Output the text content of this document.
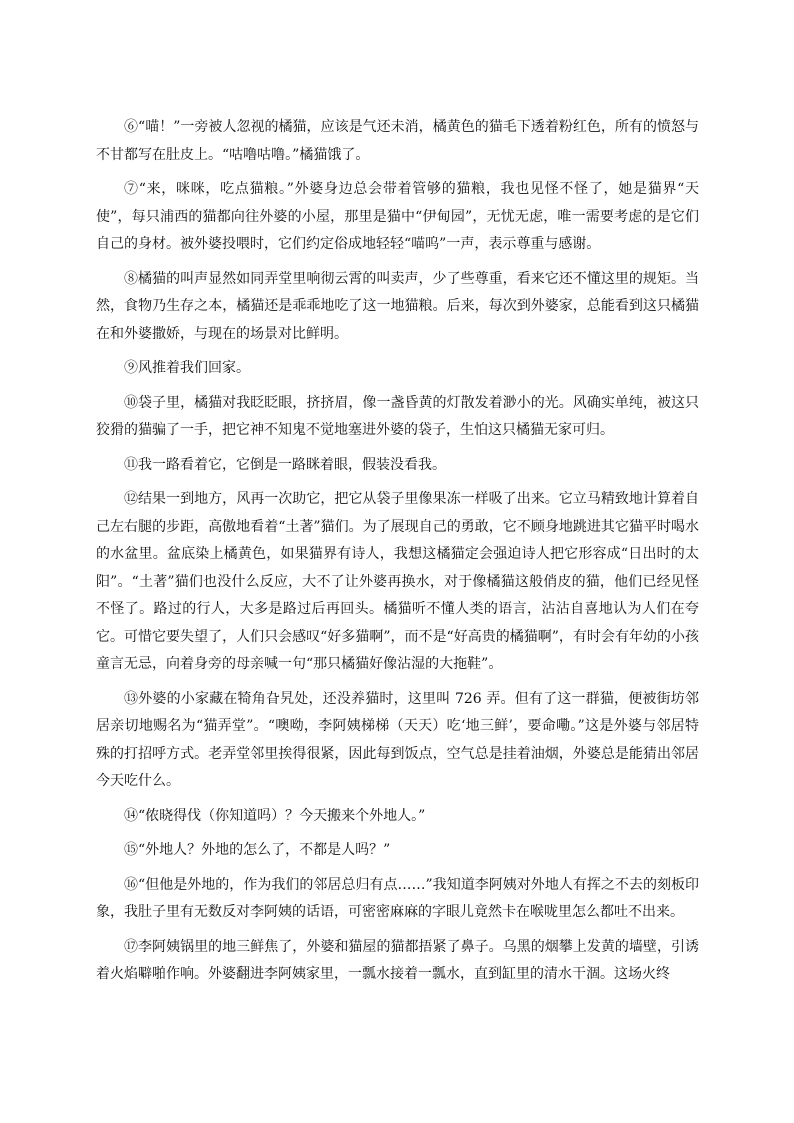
⑥“喵！”一旁被人忽视的橘猫，应该是气还未消，橘黄色的猫毛下透着粉红色，所有的愤怒与不甘都写在肚皮上。“咕噜咕噜。”橘猫饿了。

⑦“来，咪咪，吃点猫粮。”外婆身边总会带着管够的猫粮，我也见怪不怪了，她是猫界“天使”，每只浦西的猫都向往外婆的小屋，那里是猫中“伊甸园”，无忧无虑，唯一需要考虑的是它们自己的身材。被外婆投喂时，它们约定俗成地轻轻“喵呜”一声，表示尊重与感谢。

⑧橘猫的叫声显然如同弄堂里响彻云霄的叫卖声，少了些尊重，看来它还不懂这里的规矩。当然，食物乃生存之本，橘猫还是乖乖地吃了这一地猫粮。后来，每次到外婆家，总能看到这只橘猫在和外婆撒娇，与现在的场景对比鲜明。

⑨风推着我们回家。

⑩袋子里，橘猫对我眨眨眼，挤挤眉，像一盏昏黄的灯散发着渺小的光。风确实单纯，被这只狡猾的猫骗了一手，把它神不知鬼不觉地塞进外婆的袋子，生怕这只橘猫无家可归。

⑪我一路看着它，它倒是一路眯着眼，假装没看我。

⑫结果一到地方，风再一次助它，把它从袋子里像果冻一样吸了出来。它立马精致地计算着自己左右腿的步距，高傲地看着“土著”猫们。为了展现自己的勇敢，它不顾身地跳进其它猫平时喝水的水盆里。盆底染上橘黄色，如果猫界有诗人，我想这橘猫定会强迫诗人把它形容成“日出时的太阳”。“土著”猫们也没什么反应，大不了让外婆再换水，对于像橘猫这般俏皮的猫，他们已经见怪不怪了。路过的行人，大多是路过后再回头。橘猫听不懂人类的语言，沾沾自喜地认为人们在夸它。可惜它要失望了，人们只会感叹“好多猫啊”，而不是“好高贵的橘猫啊”，有时会有年幼的小孩童言无忌，向着身旁的母亲喊一句“那只橘猫好像沾湿的大拖鞋”。

⑬外婆的小家藏在犄角旮旯处，还没养猫时，这里叫 726 弄。但有了这一群猫，便被街坊邻居亲切地赐名为“猫弄堂”。“噢呦，李阿姨梯梯（天天）吃‘地三鲜’，要命嘞。”这是外婆与邻居特殊的打招呼方式。老弄堂邻里挨得很紧，因此每到饭点，空气总是挂着油烟，外婆总是能猜出邻居今天吃什么。

⑭“侬晓得伐（你知道吗）？今天搬来个外地人。”

⑮“外地人？外地的怎么了，不都是人吗？”

⑯“但他是外地的，作为我们的邻居总归有点……”我知道李阿姨对外地人有挥之不去的刻板印象，我肚子里有无数反对李阿姨的话语，可密密麻麻的字眼儿竟然卡在喉咙里怎么都吐不出来。

⑰李阿姨锅里的地三鲜焦了，外婆和猫屋的猫都捂紧了鼻子。乌黑的烟攀上发黄的墙壁，引诱着火焰噼啪作响。外婆翻进李阿姨家里，一瓢水接着一瓢水，直到缸里的清水干涸。这场火终
